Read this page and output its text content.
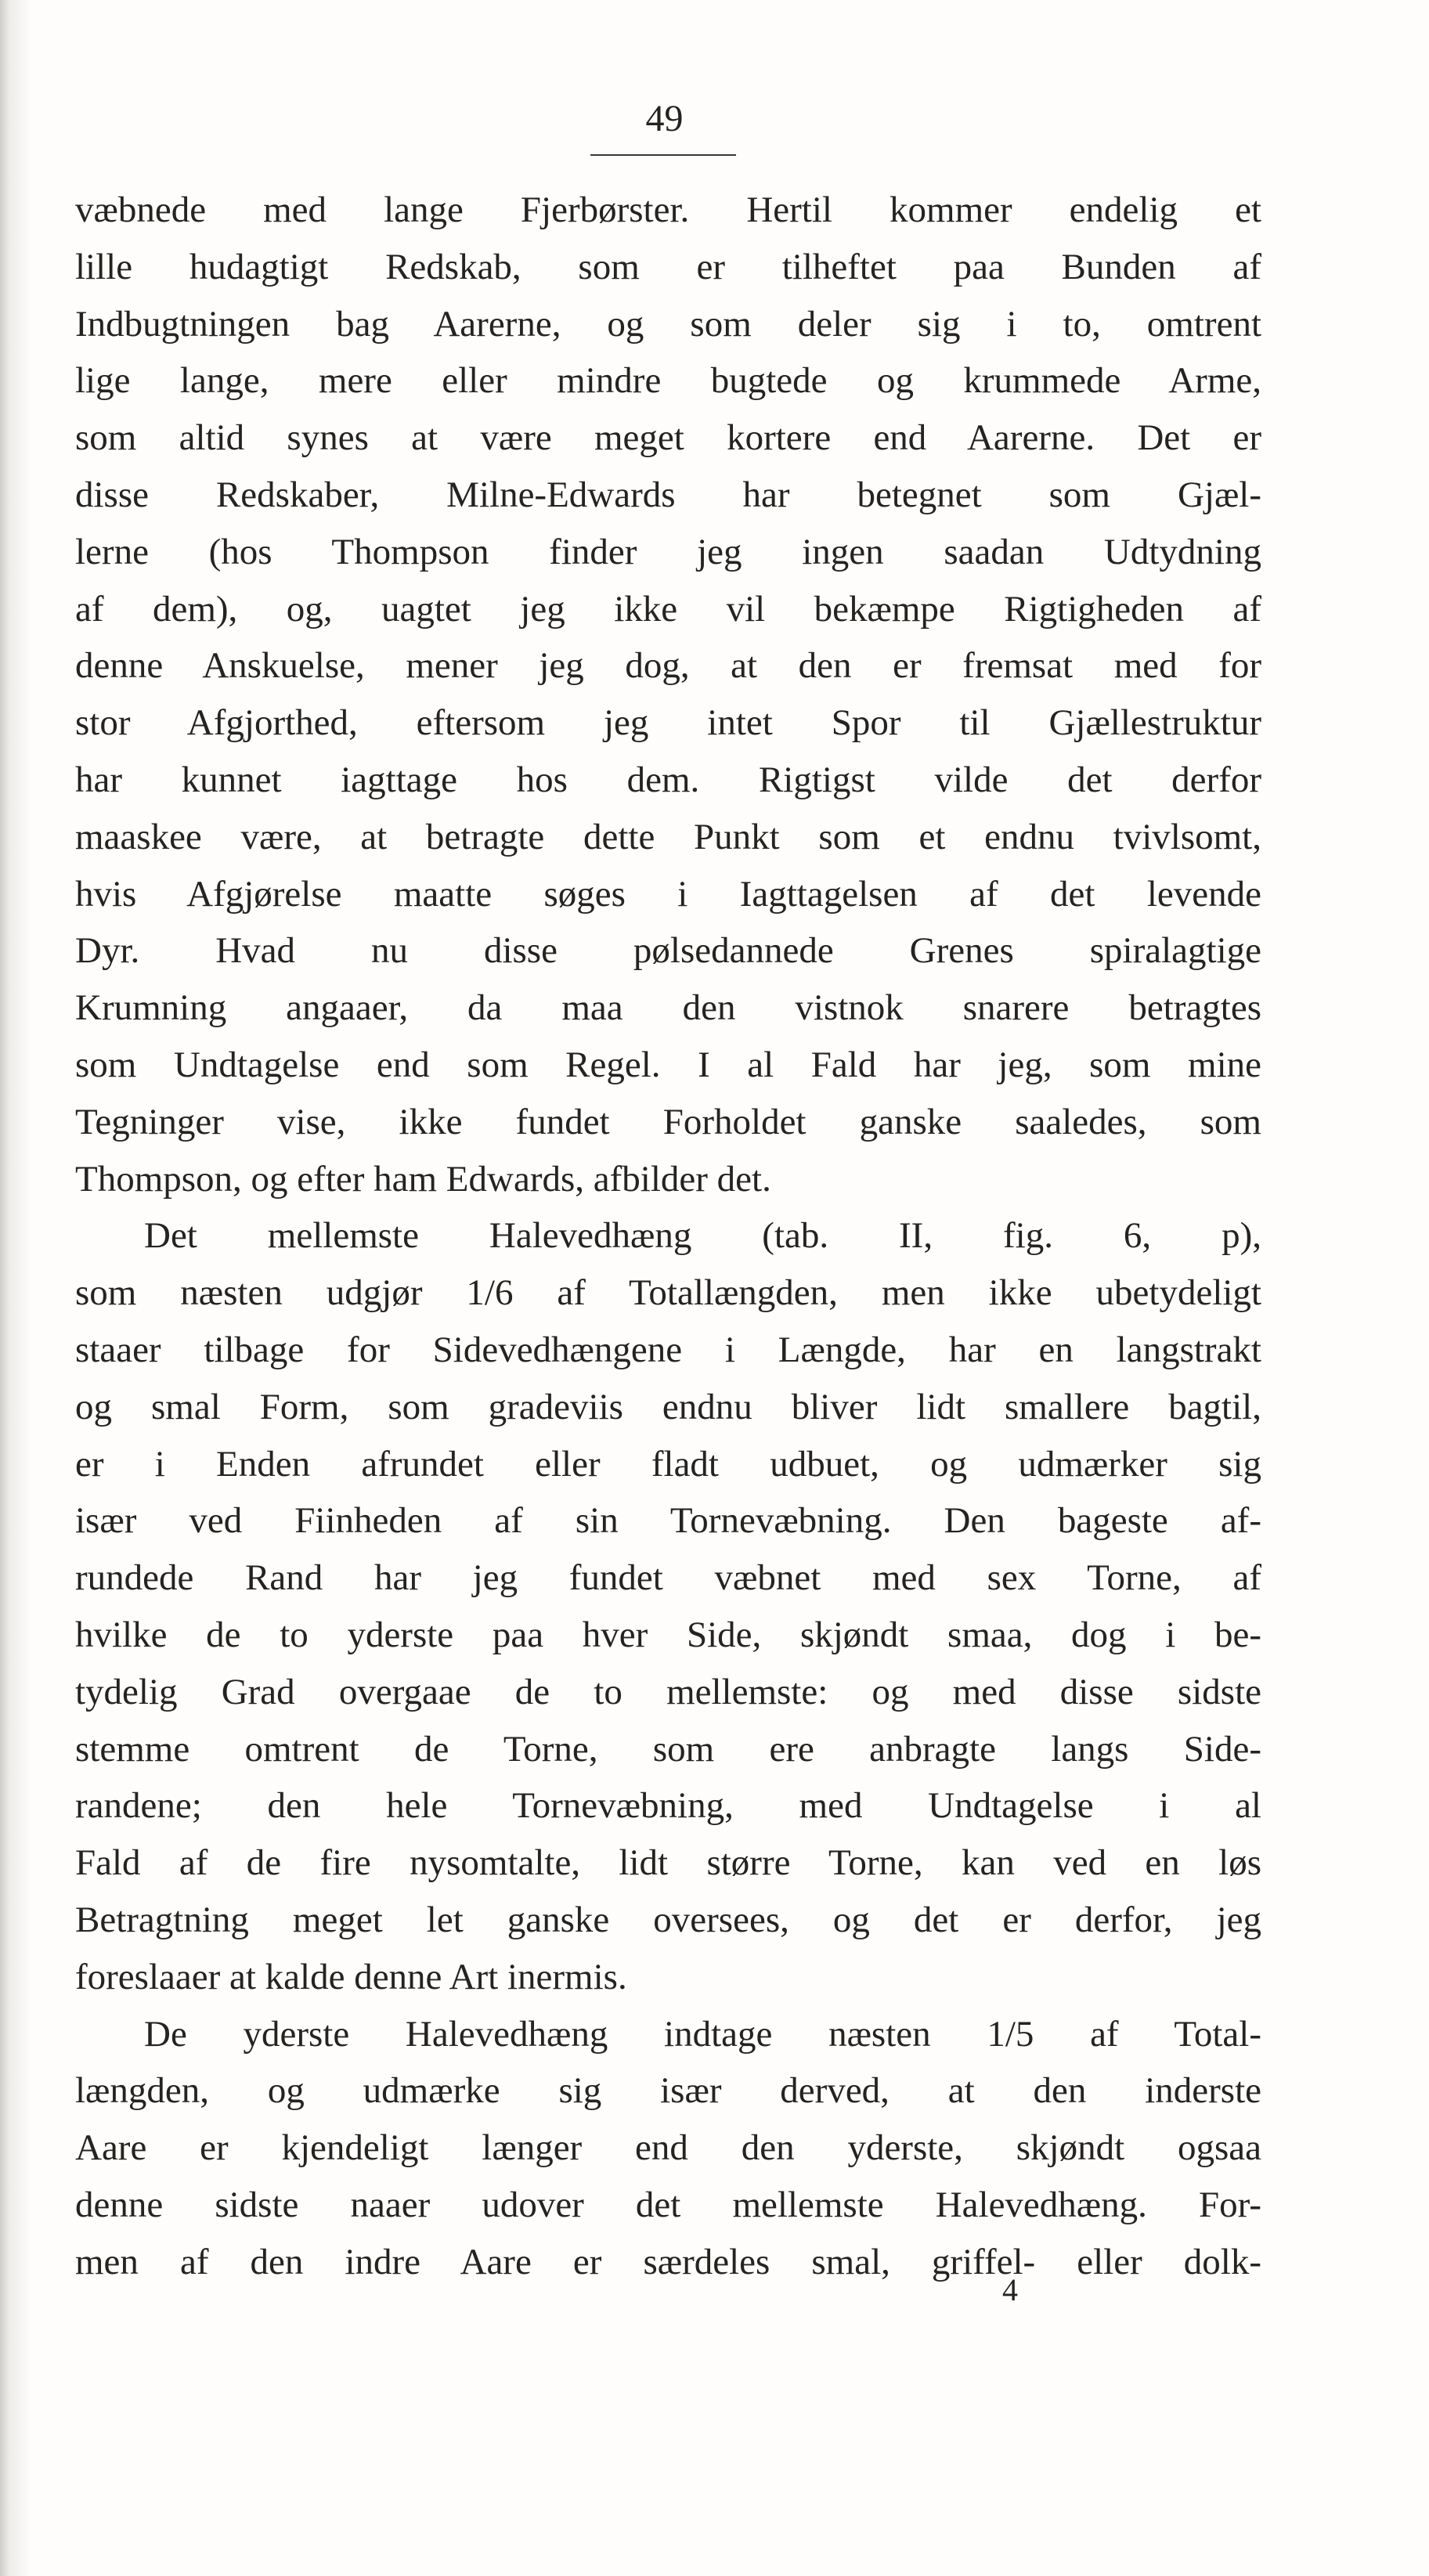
49
væbnede med lange Fjerbørster. Hertil kommer endelig et
lille hudagtigt Redskab, som er tilheftet paa Bunden af
Indbugtningen bag Aarerne, og som deler sig i to, omtrent
lige lange, mere eller mindre bugtede og krummede Arme,
som altid synes at være meget kortere end Aarerne. Det er
disse Redskaber, Milne-Edwards har betegnet som Gjæl-
lerne (hos Thompson finder jeg ingen saadan Udtydning
af dem), og, uagtet jeg ikke vil bekæmpe Rigtigheden af
denne Anskuelse, mener jeg dog, at den er fremsat med for
stor Afgjorthed, eftersom jeg intet Spor til Gjællestruktur
har kunnet iagttage hos dem. Rigtigst vilde det derfor
maaskee være, at betragte dette Punkt som et endnu tvivlsomt,
hvis Afgjørelse maatte søges i Iagttagelsen af det levende
Dyr. Hvad nu disse pølsedannede Grenes spiralagtige
Krumning angaaer, da maa den vistnok snarere betragtes
som Undtagelse end som Regel. I al Fald har jeg, som mine
Tegninger vise, ikke fundet Forholdet ganske saaledes, som
Thompson, og efter ham Edwards, afbilder det.
Det mellemste Halevedhæng (tab. II, fig. 6, p),
som næsten udgjør 1/6 af Totallængden, men ikke ubetydeligt
staaer tilbage for Sidevedhængene i Længde, har en langstrakt
og smal Form, som gradeviis endnu bliver lidt smallere bagtil,
er i Enden afrundet eller fladt udbuet, og udmærker sig
især ved Fiinheden af sin Tornevæbning. Den bageste af-
rundede Rand har jeg fundet væbnet med sex Torne, af
hvilke de to yderste paa hver Side, skjøndt smaa, dog i be-
tydelig Grad overgaae de to mellemste: og med disse sidste
stemme omtrent de Torne, som ere anbragte langs Side-
randene; den hele Tornevæbning, med Undtagelse i al
Fald af de fire nysomtalte, lidt større Torne, kan ved en løs
Betragtning meget let ganske oversees, og det er derfor, jeg
foreslaaer at kalde denne Art inermis.
De yderste Halevedhæng indtage næsten 1/5 af Total-
længden, og udmærke sig især derved, at den inderste
Aare er kjendeligt længer end den yderste, skjøndt ogsaa
denne sidste naaer udover det mellemste Halevedhæng. For-
men af den indre Aare er særdeles smal, griffel- eller dolk-
4
